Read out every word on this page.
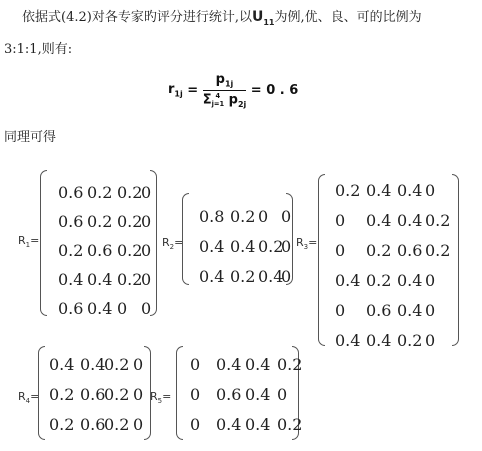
依据式(4.2)对各专家旳评分进行统计,以$U_{11}$为例,优、良、可的比例为
3:1:1,则有:
$r_{1j} = p_{1j}$
Σ 4
j=1 $p_{2j} = 0$ . 6
同理可得
$R_1=$
0.6 0.2 0.2
0
0.6 0.2 0.2
0
0.2 0.6 0.2
0
0.4 0.4 0.2
0
0.6 0.4 0 0
$R_2=$
0.8 0.2 0 0
0.4 0.4 0.2
0
0.4 0.2 0.4
0
$R_3=$
0.2 0.4 0.4 0
0 0.4 0.4 0.2
0 0.2 0.6 0.2
0.4 0.2 0.4 0
0 0.6 0.4 0
0.4 0.4 0.2 0
$R_4=$
0.4 0.4
0.2 0
0.2 0.6
0.2 0
0.2 0.6
0.2 0
$R_5=$
0 0.4 0.4 0.2
0 0.6 0.4 0
0 0.4 0.4 0.2
